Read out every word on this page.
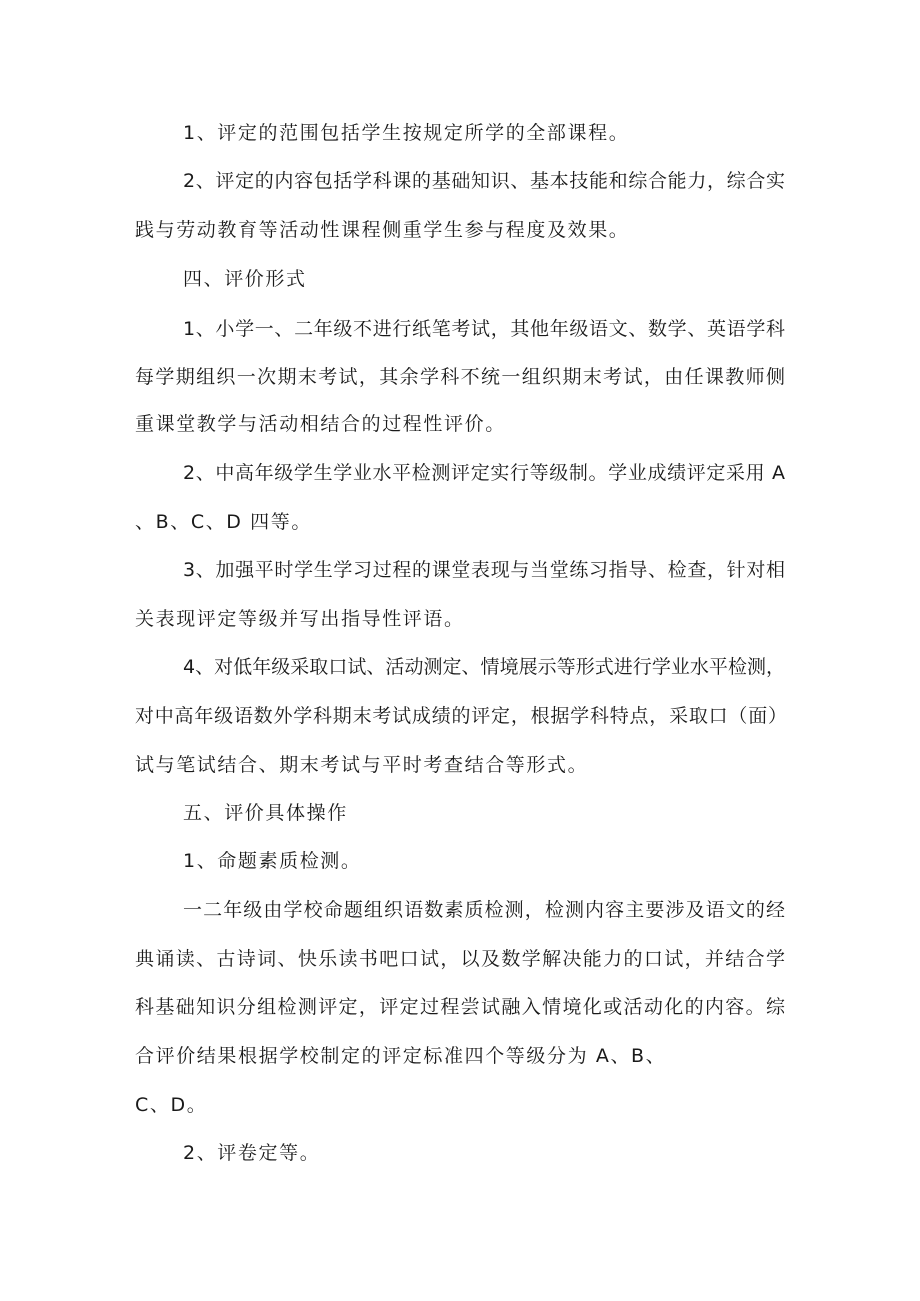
1、评定的范围包括学生按规定所学的全部课程。
2、评定的内容包括学科课的基础知识、基本技能和综合能力，综合实
践与劳动教育等活动性课程侧重学生参与程度及效果。
四、评价形式
1、小学一、二年级不进行纸笔考试，其他年级语文、数学、英语学科
每学期组织一次期末考试，其余学科不统一组织期末考试，由任课教师侧
重课堂教学与活动相结合的过程性评价。
2、中高年级学生学业水平检测评定实行等级制。学业成绩评定采用 A
、B、C、D 四等。
3、加强平时学生学习过程的课堂表现与当堂练习指导、检查，针对相
关表现评定等级并写出指导性评语。
4、对低年级采取口试、活动测定、情境展示等形式进行学业水平检测，
对中高年级语数外学科期末考试成绩的评定，根据学科特点，采取口（面）
试与笔试结合、期末考试与平时考查结合等形式。
五、评价具体操作
1、命题素质检测。
一二年级由学校命题组织语数素质检测，检测内容主要涉及语文的经
典诵读、古诗词、快乐读书吧口试，以及数学解决能力的口试，并结合学
科基础知识分组检测评定，评定过程尝试融入情境化或活动化的内容。综
合评价结果根据学校制定的评定标准四个等级分为 A、B、
C、D。
2、评卷定等。
